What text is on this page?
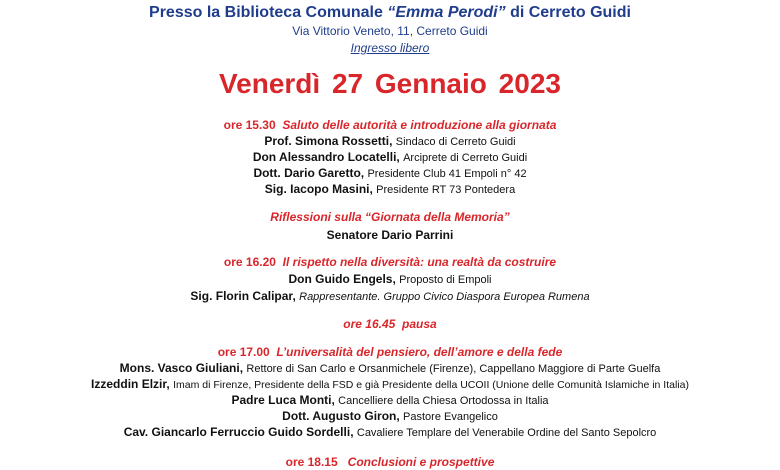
Presso la Biblioteca Comunale “Emma Perodi” di Cerreto Guidi
Via Vittorio Veneto, 11, Cerreto Guidi
Ingresso libero
Venerdì 27 Gennaio 2023
ore 15.30 Saluto delle autorità e introduzione alla giornata
Prof. Simona Rossetti, Sindaco di Cerreto Guidi
Don Alessandro Locatelli, Arciprete di Cerreto Guidi
Dott. Dario Garetto, Presidente Club 41 Empoli n° 42
Sig. Iacopo Masini, Presidente RT 73 Pontedera
Riflessioni sulla “Giornata della Memoria”
Senatore Dario Parrini
ore 16.20 Il rispetto nella diversità: una realtà da costruire
Don Guido Engels, Proposto di Empoli
Sig. Florin Calipar, Rappresentante. Gruppo Civico Diaspora Europea Rumena
ore 16.45 pausa
ore 17.00 L’universalità del pensiero, dell’amore e della fede
Mons. Vasco Giuliani, Rettore di San Carlo e Orsanmichele (Firenze), Cappellano Maggiore di Parte Guelfa
Izzeddin Elzir, Imam di Firenze, Presidente della FSD e già Presidente della UCOII (Unione delle Comunità Islamiche in Italia)
Padre Luca Monti, Cancelliere della Chiesa Ortodossa in Italia
Dott. Augusto Giron, Pastore Evangelico
Cav. Giancarlo Ferruccio Guido Sordelli, Cavaliere Templare del Venerabile Ordine del Santo Sepolcro
ore 18.15 Conclusioni e prospettive
